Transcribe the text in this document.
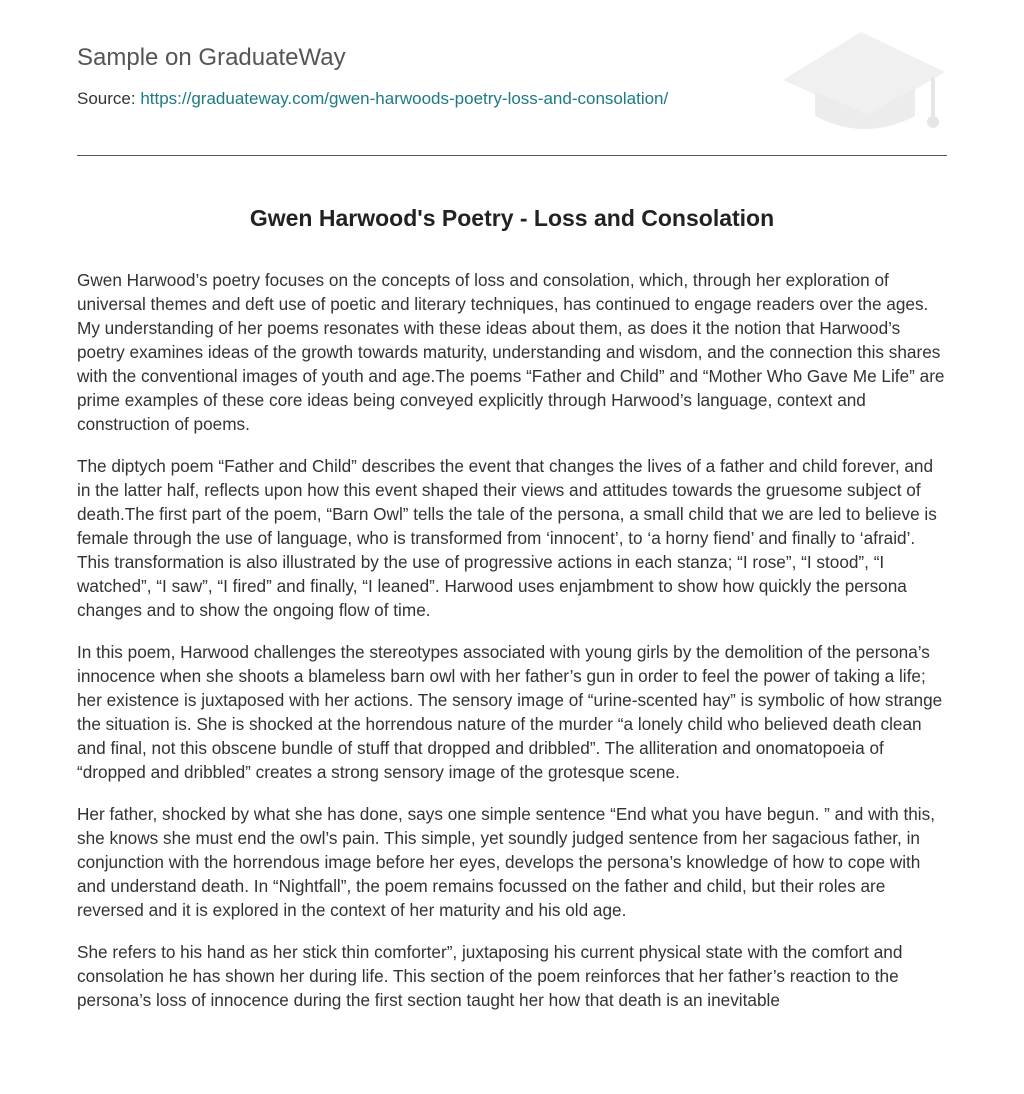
Sample on GraduateWay
Source: https://graduateway.com/gwen-harwoods-poetry-loss-and-consolation/
Gwen Harwood's Poetry - Loss and Consolation

Gwen Harwood’s poetry focuses on the concepts of loss and consolation, which, through her exploration of universal themes and deft use of poetic and literary techniques, has continued to engage readers over the ages. My understanding of her poems resonates with these ideas about them, as does it the notion that Harwood’s poetry examines ideas of the growth towards maturity, understanding and wisdom, and the connection this shares with the conventional images of youth and age.The poems “Father and Child” and “Mother Who Gave Me Life” are prime examples of these core ideas being conveyed explicitly through Harwood’s language, context and construction of poems.

The diptych poem “Father and Child” describes the event that changes the lives of a father and child forever, and in the latter half, reflects upon how this event shaped their views and attitudes towards the gruesome subject of death.The first part of the poem, “Barn Owl” tells the tale of the persona, a small child that we are led to believe is female through the use of language, who is transformed from ‘innocent’, to ‘a horny fiend’ and finally to ‘afraid’. This transformation is also illustrated by the use of progressive actions in each stanza; “I rose”, “I stood”, “I watched”, “I saw”, “I fired” and finally, “I leaned”. Harwood uses enjambment to show how quickly the persona changes and to show the ongoing flow of time.

In this poem, Harwood challenges the stereotypes associated with young girls by the demolition of the persona’s innocence when she shoots a blameless barn owl with her father’s gun in order to feel the power of taking a life; her existence is juxtaposed with her actions. The sensory image of “urine-scented hay” is symbolic of how strange the situation is. She is shocked at the horrendous nature of the murder “a lonely child who believed death clean and final, not this obscene bundle of stuff that dropped and dribbled”. The alliteration and onomatopoeia of “dropped and dribbled” creates a strong sensory image of the grotesque scene.

Her father, shocked by what she has done, says one simple sentence “End what you have begun. ” and with this, she knows she must end the owl’s pain. This simple, yet soundly judged sentence from her sagacious father, in conjunction with the horrendous image before her eyes, develops the persona’s knowledge of how to cope with and understand death. In “Nightfall”, the poem remains focussed on the father and child, but their roles are reversed and it is explored in the context of her maturity and his old age.

She refers to his hand as her stick thin comforter”, juxtaposing his current physical state with the comfort and consolation he has shown her during life. This section of the poem reinforces that her father’s reaction to the persona’s loss of innocence during the first section taught her how that death is an inevitable
